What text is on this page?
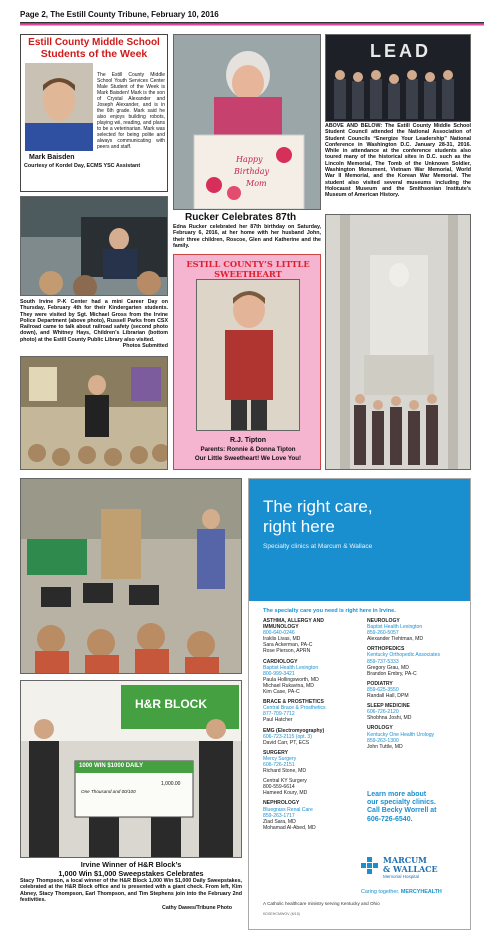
Page 2, The Estill County Tribune, February 10, 2016
Estill County Middle School
Students of the Week
Mark Baisden
The Estill County Middle School Youth Services Center Male Student of the Week is Mark Baisden! Mark is the son of Crystal Alexander and Joseph Alexander, and is in the 6th grade. Mark said he also enjoys building robots, playing wii, reading, and plans to be a veterinarian. Mark was selected for being polite and always communicating with peers and staff.
Courtesy of Kordel Day, ECMS YSC Assistant
Happy
Birthday
Mom
Rucker Celebrates 87th
Edna Rucker celebrated her 87th birthday on Saturday, February 6, 2016, at her home with her husband John, their three children, Roscoe, Glen and Katherine and the family.
LEAD
ABOVE AND BELOW: The Estill County Middle School Student Council attended the National Association of Student Councils “Energize Your Leadership” National Conference in Washington D.C. January 28-31, 2016. While in attendance at the conference students also toured many of the historical sites in D.C. such as the Lincoln Memorial, The Tomb of the Unknown Soldier, Washington Monument, Vietnam War Memorial, World War II Memorial, and the Korean War Memorial. The student also visited several museums including the Holocaust Museum and the Smithsonian Institute’s Museum of American History.
South Irvine P-K Center had a mini Career Day on Thursday, February 4th for their Kindergarten students. They were visited by Sgt. Michael Gross from the Irvine Police Department (above photo), Russell Parks from CSX Railroad came to talk about railroad safety (second photo down), and Whitney Hays, Children’s Librarian (bottom photo) at the Estill County Public Library also visited.
Photos Submitted
ESTILL COUNTY’S LITTLE SWEETHEART
R.J. Tipton
Parents: Ronnie & Donna Tipton
Our Little Sweetheart! We Love You!
H&R BLOCK
1000 WIN $1000 DAILY
One Thousand and 00/100
1,000.00
Irvine Winner of H&R Block’s
1,000 Win $1,000 Sweepstakes Celebrates
Stacy Thompson, a local winner of the H&R Block 1,000 Win $1,000 Daily Sweepstakes, celebrated at the H&R Block office and is presented with a giant check. From left, Kim Abney, Stacy Thompson, Earl Thompson, and Tim Stephens join into the February 2nd festivities.
Cathy Dawes/Tribune Photo
The right care,
right here
Specialty clinics at Marcum & Wallace
The specialty care you need is right here in Irvine.
ASTHMA, ALLERGY AND IMMUNOLOGY
800-640-0246
Iraklis Livas, MD
Sara Ackerman, PA-C
Rose Pierson, APRN
CARDIOLOGY
Baptist Health Lexington
800-999-3421
Paula Hollingsworth, MD
Michael Rukavina, MD
Kim Case, PA-C
BRACE & PROSTHETICS
Central Brace & Prosthetics
877-709-7712
Paul Hatcher
EMG (Electromyography)
606-723-2115 (opt. 3)
David Carr, PT, ECS
SURGERY
Mercy Surgery
606-726-2151
Richard Stone, MD
Central KY Surgery
800-559-6614
Hameed Koury, MD
NEPHROLOGY
Bluegrass Renal Care
859-263-1717
Ziad Sara, MD
Mohamad Al-Abed, MD
NEUROLOGY
Baptist Health Lexington
859-260-5057
Alexander Tiehtman, MD
ORTHOPEDICS
Kentucky Orthopedic Associates
859-737-5333
Gregory Grau, MD
Brandon Embry, PA-C
PODIATRY
859-625-3550
Randall Hall, DPM
SLEEP MEDICINE
606-726-2120
Shobhna Joshi, MD
UROLOGY
Kentucky One Health Urology
859-263-1300
John Tuttle, MD
Learn more about
our specialty clinics.
Call Becky Worrell at
606-726-6540.
MARCUM
& WALLACE
Memorial Hospital
Caring together. MERCYHEALTH
A Catholic healthcare ministry serving Kentucky and Ohio
KDSEHCMWOV (6/15)
